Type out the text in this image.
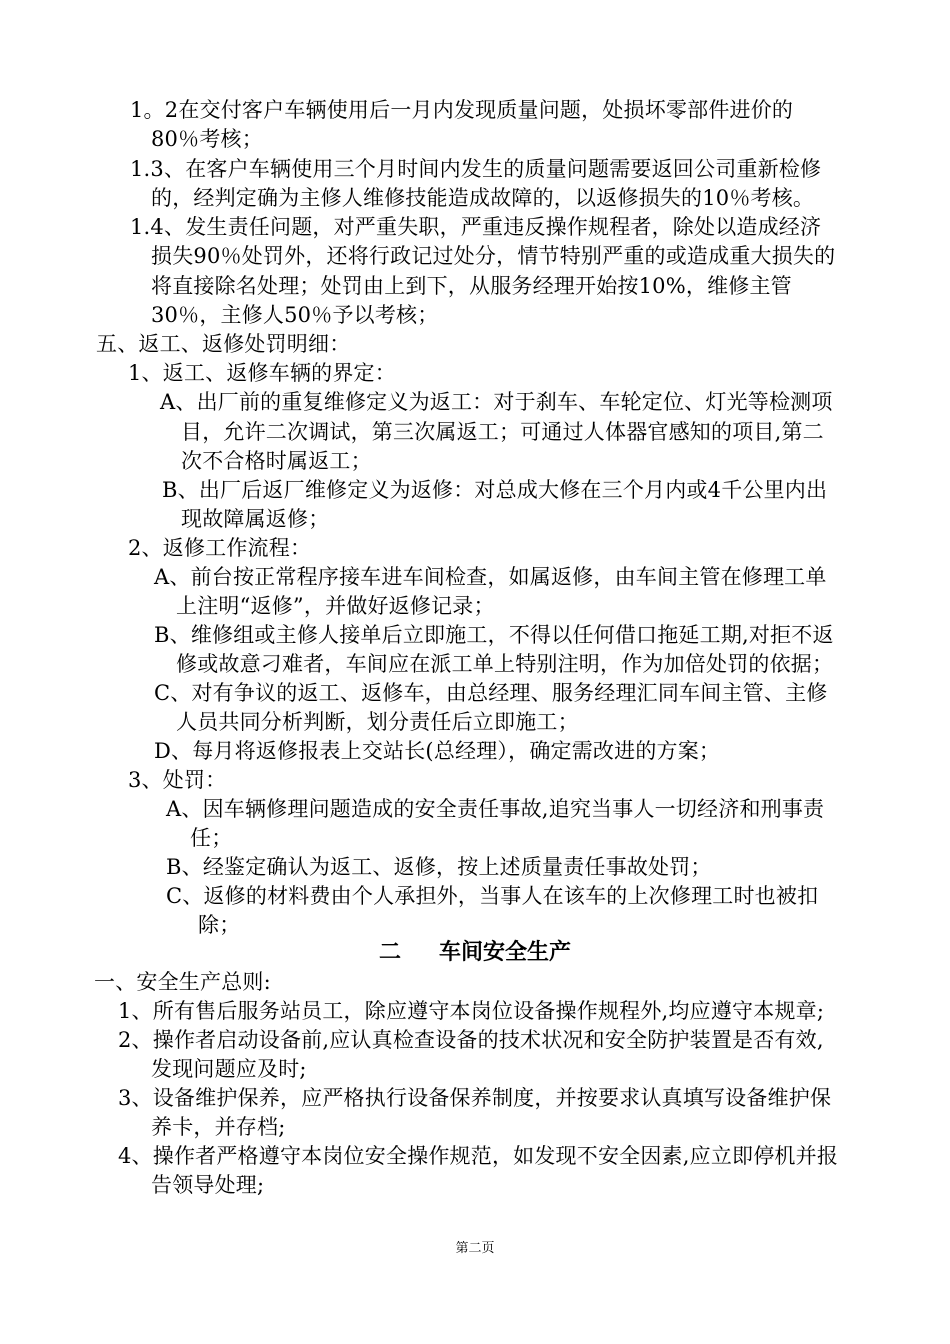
1。2在交付客户车辆使用后一月内发现质量问题，处损坏零部件进价的
80％考核；
1.3、在客户车辆使用三个月时间内发生的质量问题需要返回公司重新检修
的，经判定确为主修人维修技能造成故障的，以返修损失的10％考核。
1.4、发生责任问题，对严重失职，严重违反操作规程者，除处以造成经济
损失90％处罚外，还将行政记过处分，情节特别严重的或造成重大损失的
将直接除名处理；处罚由上到下，从服务经理开始按10%，维修主管
30％，主修人50％予以考核；
五、返工、返修处罚明细：
1、返工、返修车辆的界定：
A、出厂前的重复维修定义为返工：对于刹车、车轮定位、灯光等检测项
目，允许二次调试，第三次属返工；可通过人体器官感知的项目,第二
次不合格时属返工；
B、出厂后返厂维修定义为返修：对总成大修在三个月内或4千公里内出
现故障属返修；
2、返修工作流程：
A、前台按正常程序接车进车间检查，如属返修，由车间主管在修理工单
上注明“返修”，并做好返修记录；
B、维修组或主修人接单后立即施工，不得以任何借口拖延工期,对拒不返
修或故意刁难者，车间应在派工单上特别注明，作为加倍处罚的依据；
C、对有争议的返工、返修车，由总经理、服务经理汇同车间主管、主修
人员共同分析判断，划分责任后立即施工；
D、每月将返修报表上交站长(总经理），确定需改进的方案；
3、处罚：
A、因车辆修理问题造成的安全责任事故,追究当事人一切经济和刑事责
任；
B、经鉴定确认为返工、返修，按上述质量责任事故处罚；
C、返修的材料费由个人承担外，当事人在该车的上次修理工时也被扣
除；
二 车间安全生产
一、安全生产总则:
1、所有售后服务站员工，除应遵守本岗位设备操作规程外,均应遵守本规章;
2、操作者启动设备前,应认真检查设备的技术状况和安全防护装置是否有效,
发现问题应及时;
3、设备维护保养，应严格执行设备保养制度，并按要求认真填写设备维护保
养卡，并存档;
4、操作者严格遵守本岗位安全操作规范，如发现不安全因素,应立即停机并报
告领导处理;
第二页
